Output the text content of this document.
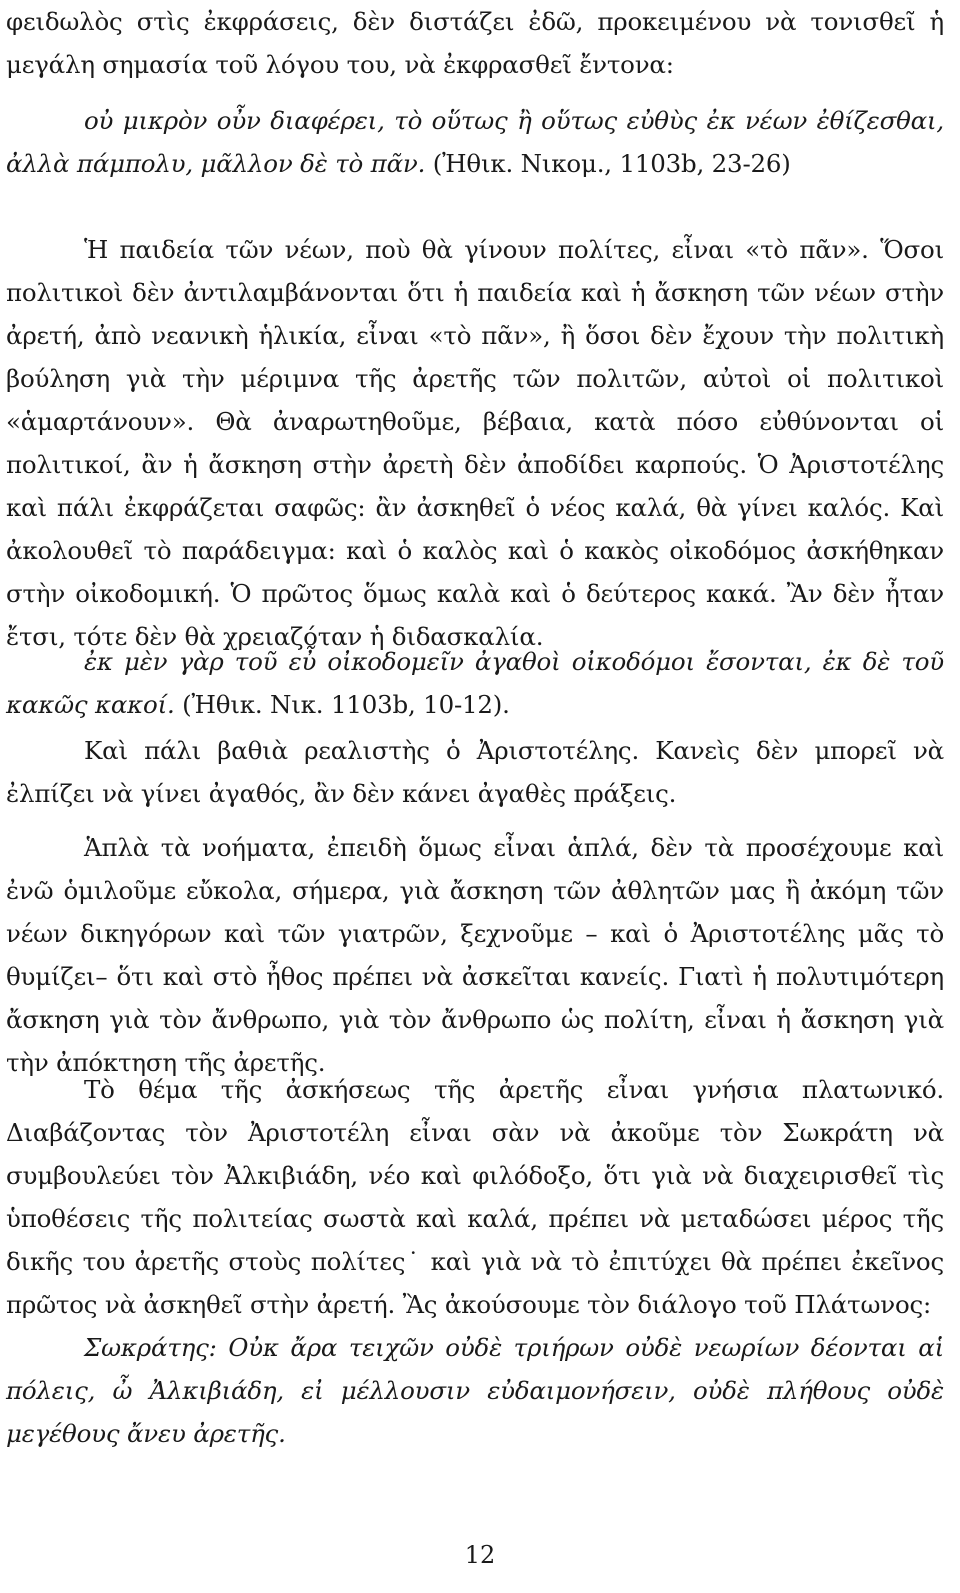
φειδωλὸς στὶς ἐκφράσεις, δὲν διστάζει ἐδῶ, προκειμένου νὰ τονισθεῖ ἡ μεγάλη σημασία τοῦ λόγου του, νὰ ἐκφρασθεῖ ἔντονα:

οὐ μικρὸν οὖν διαφέρει, τὸ οὕτως ἢ οὕτως εὐθὺς ἐκ νέων ἐθίζεσθαι, ἀλλὰ πάμπολυ, μᾶλλον δὲ τὸ πᾶν. (Ἠθικ. Νικομ., 1103b, 23-26)

Ἡ παιδεία τῶν νέων, ποὺ θὰ γίνουν πολίτες, εἶναι «τὸ πᾶν». Ὅσοι πολιτικοὶ δὲν ἀντιλαμβάνονται ὅτι ἡ παιδεία καὶ ἡ ἄσκηση τῶν νέων στὴν ἀρετή, ἀπὸ νεανικὴ ἡλικία, εἶναι «τὸ πᾶν», ἢ ὅσοι δὲν ἔχουν τὴν πολιτικὴ βούληση γιὰ τὴν μέριμνα τῆς ἀρετῆς τῶν πολιτῶν, αὐτοὶ οἱ πολιτικοὶ «ἁμαρτάνουν». Θὰ ἀναρωτηθοῦμε, βέβαια, κατὰ πόσο εὐθύνονται οἱ πολιτικοί, ἂν ἡ ἄσκηση στὴν ἀρετὴ δὲν ἀποδίδει καρπούς. Ὁ Ἀριστοτέλης καὶ πάλι ἐκφράζεται σαφῶς: ἂν ἀσκηθεῖ ὁ νέος καλά, θὰ γίνει καλός. Καὶ ἀκολουθεῖ τὸ παράδειγμα: καὶ ὁ καλὸς καὶ ὁ κακὸς οἰκοδόμος ἀσκήθηκαν στὴν οἰκοδομική. Ὁ πρῶτος ὅμως καλὰ καὶ ὁ δεύτερος κακά. Ἂν δὲν ἦταν ἔτσι, τότε δὲν θὰ χρειαζόταν ἡ διδασκαλία.

ἐκ μὲν γὰρ τοῦ εὖ οἰκοδομεῖν ἀγαθοὶ οἰκοδόμοι ἔσονται, ἐκ δὲ τοῦ κακῶς κακοί. (Ἠθικ. Νικ. 1103b, 10-12).

Καὶ πάλι βαθιὰ ρεαλιστὴς ὁ Ἀριστοτέλης. Κανεὶς δὲν μπορεῖ νὰ ἐλπίζει νὰ γίνει ἀγαθός, ἂν δὲν κάνει ἀγαθὲς πράξεις.

Ἁπλὰ τὰ νοήματα, ἐπειδὴ ὅμως εἶναι ἁπλά, δὲν τὰ προσέχουμε καὶ ἐνῶ ὁμιλοῦμε εὔκολα, σήμερα, γιὰ ἄσκηση τῶν ἀθλητῶν μας ἢ ἀκόμη τῶν νέων δικηγόρων καὶ τῶν γιατρῶν, ξεχνοῦμε – καὶ ὁ Ἀριστοτέλης μᾶς τὸ θυμίζει– ὅτι καὶ στὸ ἦθος πρέπει νὰ ἀσκεῖται κανείς. Γιατὶ ἡ πολυτιμότερη ἄσκηση γιὰ τὸν ἄνθρωπο, γιὰ τὸν ἄνθρωπο ὡς πολίτη, εἶναι ἡ ἄσκηση γιὰ τὴν ἀπόκτηση τῆς ἀρετῆς.

Τὸ θέμα τῆς ἀσκήσεως τῆς ἀρετῆς εἶναι γνήσια πλατωνικό. Διαβάζοντας τὸν Ἀριστοτέλη εἶναι σὰν νὰ ἀκοῦμε τὸν Σωκράτη νὰ συμβουλεύει τὸν Ἀλκιβιάδη, νέο καὶ φιλόδοξο, ὅτι γιὰ νὰ διαχειρισθεῖ τὶς ὑποθέσεις τῆς πολιτείας σωστὰ καὶ καλά, πρέπει νὰ μεταδώσει μέρος τῆς δικῆς του ἀρετῆς στοὺς πολίτες˙ καὶ γιὰ νὰ τὸ ἐπιτύχει θὰ πρέπει ἐκεῖνος πρῶτος νὰ ἀσκηθεῖ στὴν ἀρετή. Ἂς ἀκούσουμε τὸν διάλογο τοῦ Πλάτωνος:

Σωκράτης: Οὐκ ἄρα τειχῶν οὐδὲ τριήρων οὐδὲ νεωρίων δέονται αἱ πόλεις, ὦ Ἀλκιβιάδη, εἰ μέλλουσιν εὐδαιμονήσειν, οὐδὲ πλήθους οὐδὲ μεγέθους ἄνευ ἀρετῆς.

12
